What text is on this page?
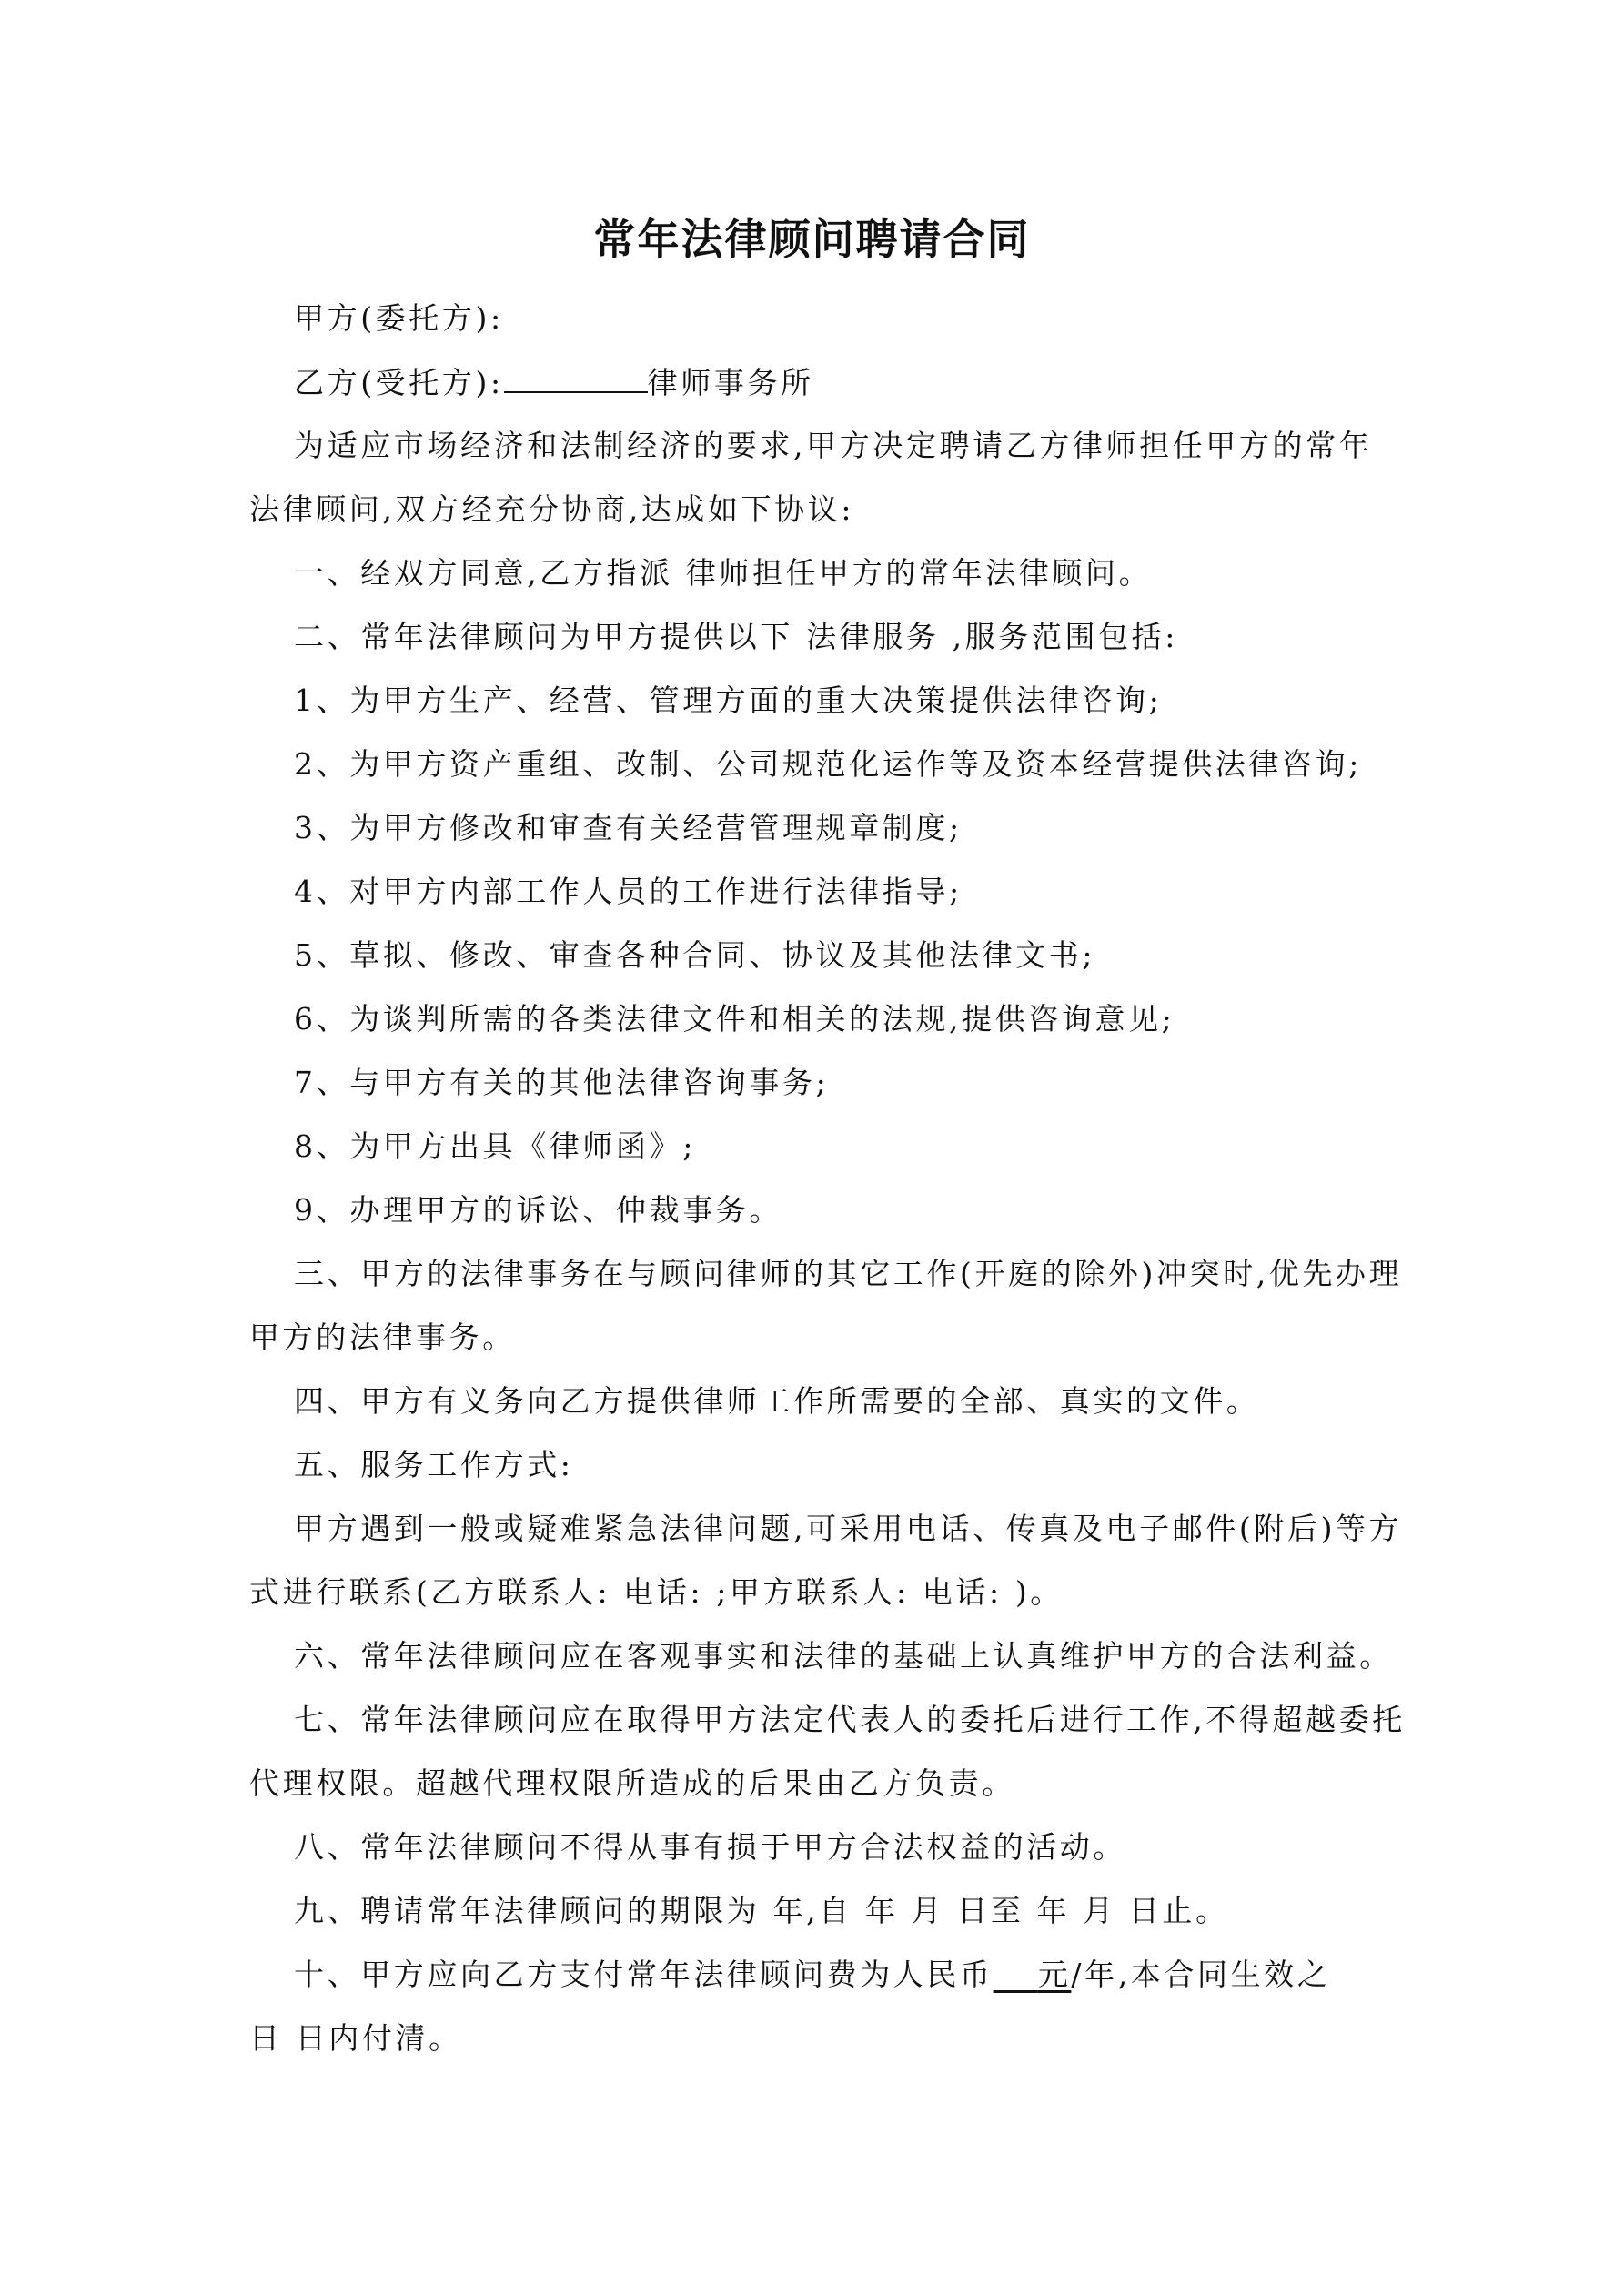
常年法律顾问聘请合同
甲方(委托方):
乙方(受托方):	律师事务所
为适应市场经济和法制经济的要求,甲方决定聘请乙方律师担任甲方的常年
法律顾问,双方经充分协商,达成如下协议:
一、经双方同意,乙方指派 律师担任甲方的常年法律顾问。
二、常年法律顾问为甲方提供以下 法律服务 ,服务范围包括:
1、为甲方生产、经营、管理方面的重大决策提供法律咨询;
2、为甲方资产重组、改制、公司规范化运作等及资本经营提供法律咨询;
3、为甲方修改和审查有关经营管理规章制度;
4、对甲方内部工作人员的工作进行法律指导;
5、草拟、修改、审查各种合同、协议及其他法律文书;
6、为谈判所需的各类法律文件和相关的法规,提供咨询意见;
7、与甲方有关的其他法律咨询事务;
8、为甲方出具《律师函》;
9、办理甲方的诉讼、仲裁事务。
三、甲方的法律事务在与顾问律师的其它工作(开庭的除外)冲突时,优先办理
甲方的法律事务。
四、甲方有义务向乙方提供律师工作所需要的全部、真实的文件。
五、服务工作方式:
甲方遇到一般或疑难紧急法律问题,可采用电话、传真及电子邮件(附后)等方
式进行联系(乙方联系人: 电话: ;甲方联系人: 电话: )。
六、常年法律顾问应在客观事实和法律的基础上认真维护甲方的合法利益。
七、常年法律顾问应在取得甲方法定代表人的委托后进行工作,不得超越委托
代理权限。超越代理权限所造成的后果由乙方负责。
八、常年法律顾问不得从事有损于甲方合法权益的活动。
九、聘请常年法律顾问的期限为 年,自 年 月 日至 年 月 日止。
十、甲方应向乙方支付常年法律顾问费为人民币   元/年,本合同生效之
日 日内付清。
